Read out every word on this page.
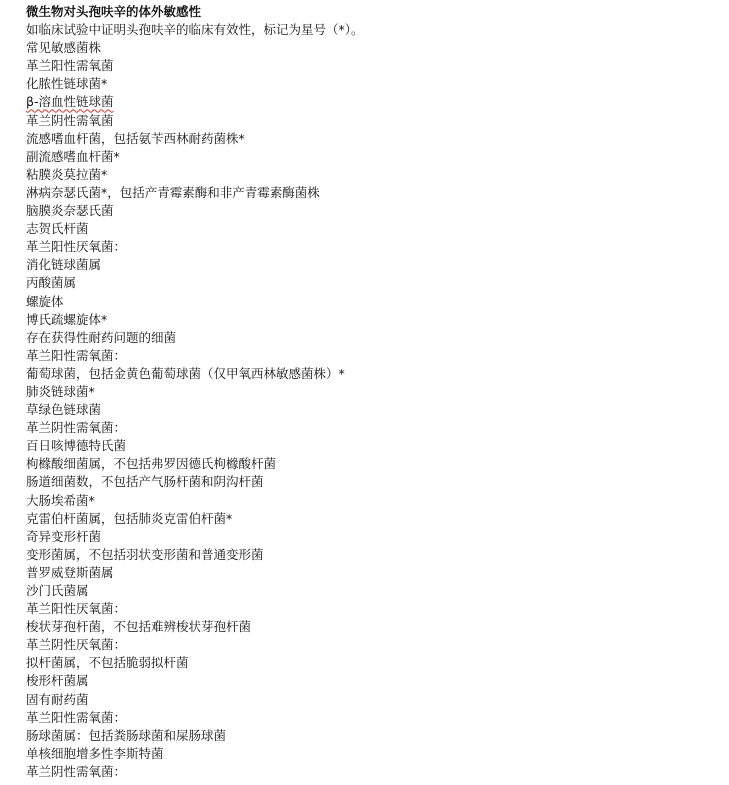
微生物对头孢呋辛的体外敏感性
如临床试验中证明头孢呋辛的临床有效性，标记为星号（*）。
常见敏感菌株
革兰阳性需氧菌
化脓性链球菌*
β-溶血性链球菌
革兰阴性需氧菌
流感嗜血杆菌，包括氨苄西林耐药菌株*
副流感嗜血杆菌*
粘膜炎莫拉菌*
淋病奈瑟氏菌*，包括产青霉素酶和非产青霉素酶菌株
脑膜炎奈瑟氏菌
志贺氏杆菌
革兰阳性厌氧菌：
消化链球菌属
丙酸菌属
螺旋体
博氏疏螺旋体*
存在获得性耐药问题的细菌
革兰阳性需氧菌：
葡萄球菌，包括金黄色葡萄球菌（仅甲氧西林敏感菌株）*
肺炎链球菌*
草绿色链球菌
革兰阴性需氧菌：
百日咳博德特氏菌
枸橼酸细菌属，不包括弗罗因德氏枸橼酸杆菌
肠道细菌数，不包括产气肠杆菌和阴沟杆菌
大肠埃希菌*
克雷伯杆菌属，包括肺炎克雷伯杆菌*
奇异变形杆菌
变形菌属，不包括羽状变形菌和普通变形菌
普罗威登斯菌属
沙门氏菌属
革兰阳性厌氧菌：
梭状芽孢杆菌，不包括难辨梭状芽孢杆菌
革兰阴性厌氧菌：
拟杆菌属，不包括脆弱拟杆菌
梭形杆菌属
固有耐药菌
革兰阳性需氧菌：
肠球菌属：包括粪肠球菌和屎肠球菌
单核细胞增多性李斯特菌
革兰阴性需氧菌：
